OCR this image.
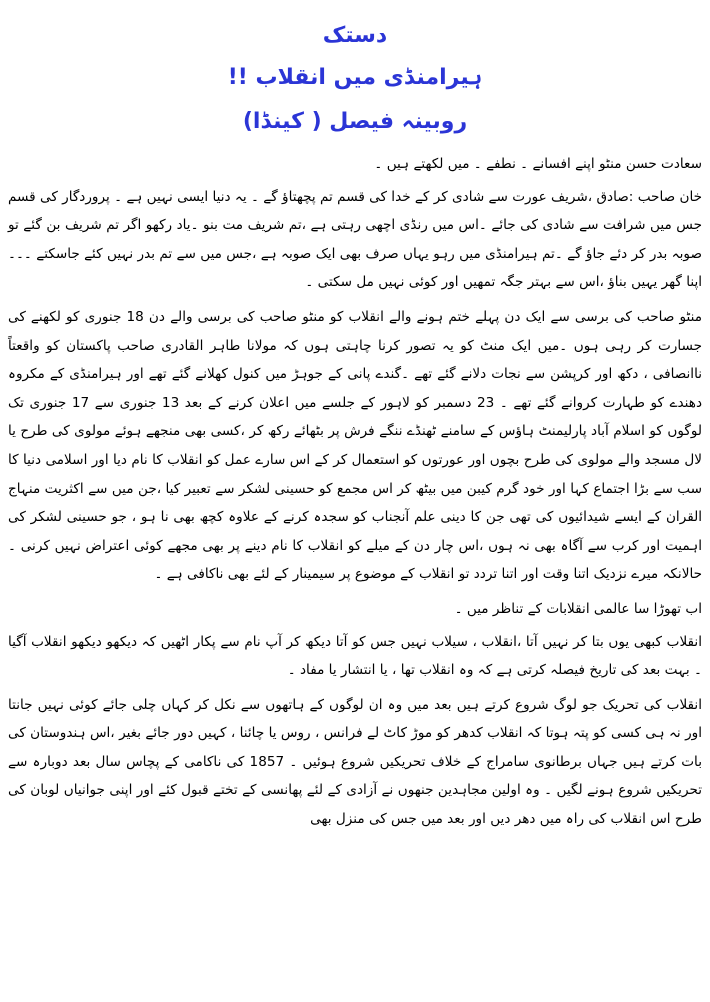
دستک
ہیرامنڈی میں انقلاب !!
روبینہ فیصل ( کینڈا)

سعادت حسن منٹو اپنے افسانے ۔ نطفے ۔ میں لکھتے ہیں ۔

خان صاحب :صادق ،شریف عورت سے شادی کر کے خدا کی قسم تم پچھتاؤ گے ۔ یہ دنیا ایسی نہیں ہے ۔ پروردگار کی قسم جس میں شرافت سے شادی کی جائے ۔اس میں رنڈی اچھی رہتی ہے ،تم شریف مت بنو ۔یاد رکھو اگر تم شریف بن گئے تو صوبہ بدر کر دئے جاؤ گے ۔تم ہیرامنڈی میں رہو یہاں صرف بھی ایک صوبہ ہے ،جس میں سے تم بدر نہیں کئے جاسکتے ۔۔۔ اپنا گھر یہیں بناؤ ،اس سے بہتر جگہ تمھیں اور کوئی نہیں مل سکتی ۔

منٹو صاحب کی برسی سے ایک دن پہلے ختم ہونے والے انقلاب کو منٹو صاحب کی برسی والے دن 18 جنوری کو لکھنے کی جسارت کر رہی ہوں ۔میں ایک منٹ کو یہ تصور کرنا چاہتی ہوں کہ مولانا طاہر القادری صاحب پاکستان کو واقعتاً ناانصافی ، دکھ اور کرپشن سے نجات دلانے گئے تھے ۔گندے پانی کے جوہڑ میں کنول کھلانے گئے تھے اور ہیرامنڈی کے مکروہ دھندے کو طہارت کروانے گئے تھے ۔ 23 دسمبر کو لاہور کے جلسے میں اعلان کرنے کے بعد 13 جنوری سے 17 جنوری تک لوگوں کو اسلام آباد پارلیمنٹ ہاؤس کے سامنے ٹھنڈے ننگے فرش پر بٹھائے رکھ کر ،کسی بھی منجھے ہوئے مولوی کی طرح یا لال مسجد والے مولوی کی طرح بچوں اور عورتوں کو استعمال کر کے اس سارے عمل کو انقلاب کا نام دیا اور اسلامی دنیا کا سب سے بڑا اجتماع کہا اور خود گرم کیبن میں بیٹھ کر اس مجمع کو حسینی لشکر سے تعبیر کیا ،جن میں سے اکثریت منہاج القران کے ایسے شیدائیوں کی تھی جن کا دینی علم آنجناب کو سجدہ کرنے کے علاوہ کچھ بھی نا ہو ، جو حسینی لشکر کی اہمیت اور کرب سے آگاہ بھی نہ ہوں ،اس چار دن کے میلے کو انقلاب کا نام دینے پر بھی مجھے کوئی اعتراض نہیں کرنی ۔ حالانکہ میرے نزدیک اتنا وقت اور اتنا تردد تو انقلاب کے موضوع پر سیمینار کے لئے بھی ناکافی ہے ۔

اب تھوڑا سا عالمی انقلابات کے تناظر میں ۔

انقلاب کبھی یوں بتا کر نہیں آتا ،انقلاب ، سیلاب نہیں جس کو آتا دیکھ کر آپ نام سے پکار اٹھیں کہ دیکھو دیکھو انقلاب آگیا ۔ بہت بعد کی تاریخ فیصلہ کرتی ہے کہ وہ انقلاب تھا ، یا انتشار یا مفاد ۔

انقلاب کی تحریک جو لوگ شروع کرتے ہیں بعد میں وہ ان لوگوں کے ہاتھوں سے نکل کر کہاں چلی جائے کوئی نہیں جانتا اور نہ ہی کسی کو پتہ ہوتا کہ انقلاب کدھر کو موڑ کاٹ لے فرانس ، روس یا چائنا ، کہیں دور جائے بغیر ،اس ہندوستان کی بات کرتے ہیں جہاں برطانوی سامراج کے خلاف تحریکیں شروع ہوئیں ۔ 1857 کی ناکامی کے پچاس سال بعد دوبارہ سے تحریکیں شروع ہونے لگیں ۔ وہ اولین مجاہدین جنھوں نے آزادی کے لئے پھانسی کے تختے قبول کئے اور اپنی جوانیاں لوبان کی طرح اس انقلاب کی راہ میں دھر دیں اور بعد میں جس کی منزل بھی
